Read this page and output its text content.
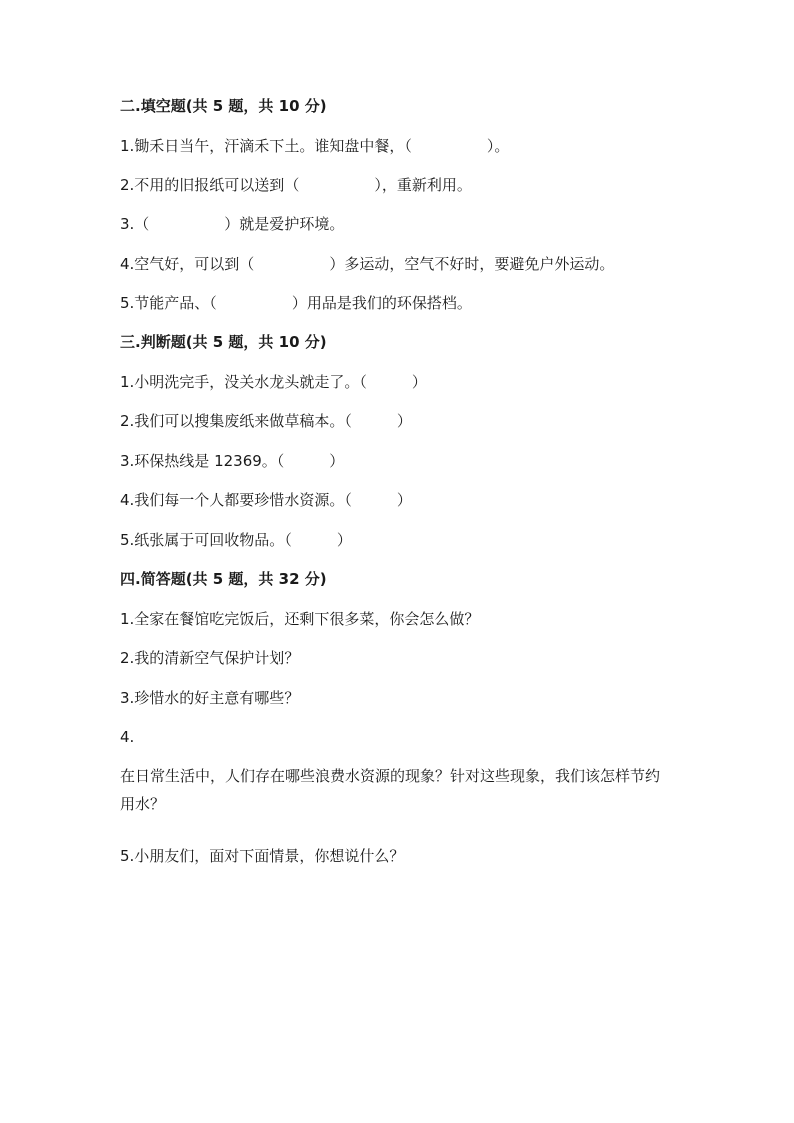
二.填空题(共 5 题，共 10 分)
1.锄禾日当午，汗滴禾下土。谁知盘中餐，（　　　　　）。
2.不用的旧报纸可以送到（　　　　　），重新利用。
3.（　　　　　）就是爱护环境。
4.空气好，可以到（　　　　　）多运动，空气不好时，要避免户外运动。
5.节能产品、（　　　　　）用品是我们的环保搭档。
三.判断题(共 5 题，共 10 分)
1.小明洗完手，没关水龙头就走了。（　　　）
2.我们可以搜集废纸来做草稿本。（　　　）
3.环保热线是 12369。（　　　）
4.我们每一个人都要珍惜水资源。（　　　）
5.纸张属于可回收物品。（　　　）
四.简答题(共 5 题，共 32 分)
1.全家在餐馆吃完饭后，还剩下很多菜，你会怎么做？
2.我的清新空气保护计划？
3.珍惜水的好主意有哪些？
4.
在日常生活中，人们存在哪些浪费水资源的现象？针对这些现象，我们该怎样节约用水？
5.小朋友们，面对下面情景，你想说什么？
